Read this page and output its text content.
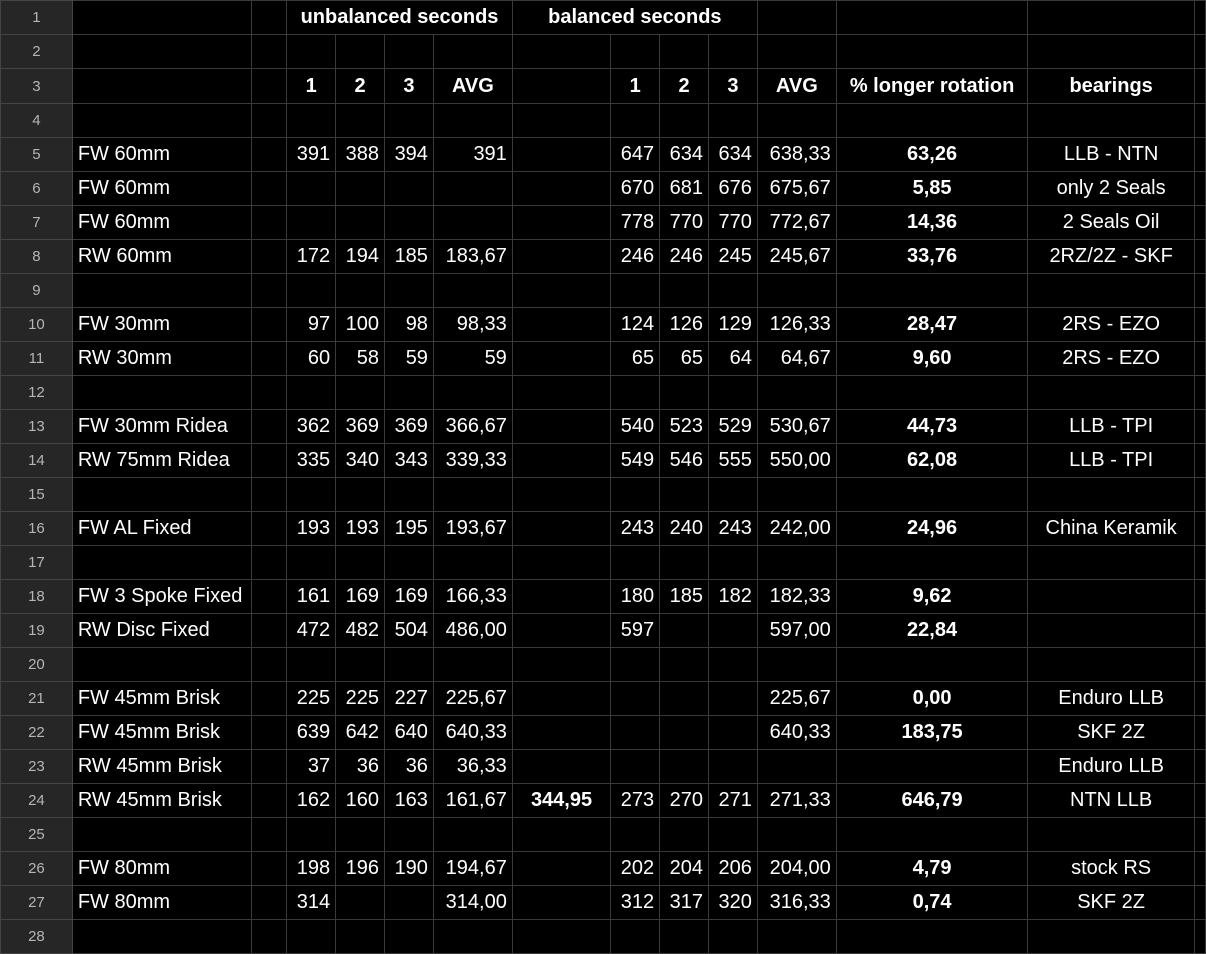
1			unbalanced seconds				balanced seconds							
2														
3			1	2	3	AVG		1	2	3	AVG	% longer rotation	bearings	
4														
5	FW 60mm		391	388	394	391		647	634	634	638,33	63,26	LLB - NTN	
6	FW 60mm							670	681	676	675,67	5,85	only 2 Seals	
7	FW 60mm							778	770	770	772,67	14,36	2 Seals Oil	
8	RW 60mm		172	194	185	183,67		246	246	245	245,67	33,76	2RZ/2Z - SKF	
9														
10	FW 30mm		97	100	98	98,33		124	126	129	126,33	28,47	2RS - EZO	
11	RW 30mm		60	58	59	59		65	65	64	64,67	9,60	2RS - EZO	
12														
13	FW 30mm Ridea		362	369	369	366,67		540	523	529	530,67	44,73	LLB - TPI	
14	RW 75mm Ridea		335	340	343	339,33		549	546	555	550,00	62,08	LLB - TPI	
15														
16	FW AL Fixed		193	193	195	193,67		243	240	243	242,00	24,96	China Keramik	
17														
18	FW 3 Spoke Fixed		161	169	169	166,33		180	185	182	182,33	9,62		
19	RW Disc Fixed		472	482	504	486,00		597			597,00	22,84		
20														
21	FW 45mm Brisk		225	225	227	225,67					225,67	0,00	Enduro LLB	
22	FW 45mm Brisk		639	642	640	640,33					640,33	183,75	SKF 2Z	
23	RW 45mm Brisk		37	36	36	36,33							Enduro LLB	
24	RW 45mm Brisk		162	160	163	161,67	344,95	273	270	271	271,33	646,79	NTN LLB	
25														
26	FW 80mm		198	196	190	194,67		202	204	206	204,00	4,79	stock RS	
27	FW 80mm		314			314,00		312	317	320	316,33	0,74	SKF 2Z	
28														
